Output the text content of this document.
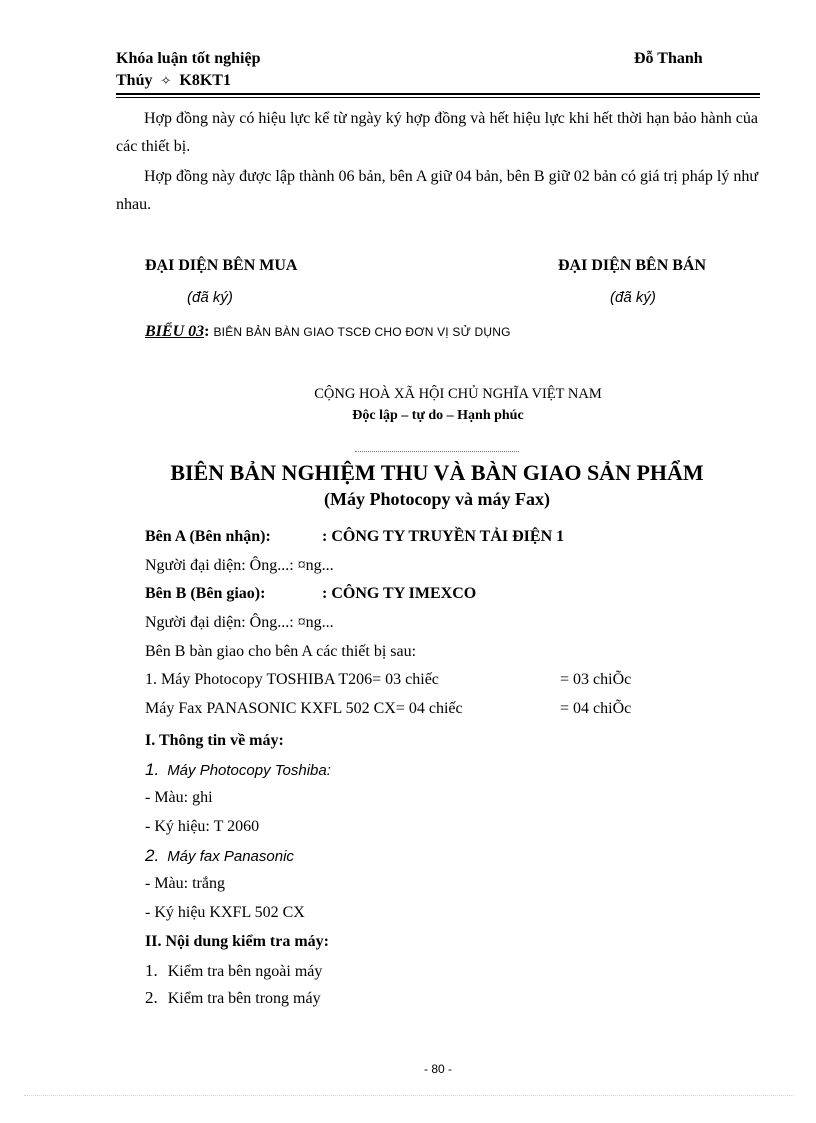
Khóa luận tốt nghiệp	Đỗ Thanh
Thúy ✧ K8KT1
Hợp đồng này có hiệu lực kể từ ngày ký hợp đồng và hết hiệu lực khi hết thời hạn bảo hành của các thiết bị.
Hợp đồng này được lập thành 06 bản, bên A giữ 04 bản, bên B giữ 02 bản có giá trị pháp lý như nhau.
ĐẠI DIỆN BÊN MUA	ĐẠI DIỆN BÊN BÁN
(đã ký)	(đã ký)
BIỂU 03: BIÊN BẢN BÀN GIAO TSCĐ CHO ĐƠN VỊ SỬ DỤNG
CỘNG HOÀ XÃ HỘI CHỦ NGHĨA VIỆT NAM
Độc lập – tự do – Hạnh phúc
BIÊN BẢN NGHIỆM THU VÀ BÀN GIAO SẢN PHẨM
(Máy Photocopy và máy Fax)
Bên A (Bên nhận):	: CÔNG TY TRUYỀN TẢI ĐIỆN 1
Người đại diện: Ông...: ¤ng...
Bên B (Bên giao):	: CÔNG TY IMEXCO
Người đại diện: Ông...: ¤ng...
Bên B bàn giao cho bên A các thiết bị sau:
1. Máy Photocopy TOSHIBA T206= 03 chiếc	= 03 chiÕc
Máy Fax PANASONIC KXFL 502 CX= 04 chiếc	= 04 chiÕc
I. Thông tin về máy:
1. Máy Photocopy Toshiba:
- Màu: ghi
- Ký hiệu: T 2060
2. Máy fax Panasonic
- Màu: trắng
- Ký hiệu KXFL 502 CX
II. Nội dung kiểm tra máy:
1. Kiểm tra bên ngoài máy
2. Kiểm tra bên trong máy
- 80 -
